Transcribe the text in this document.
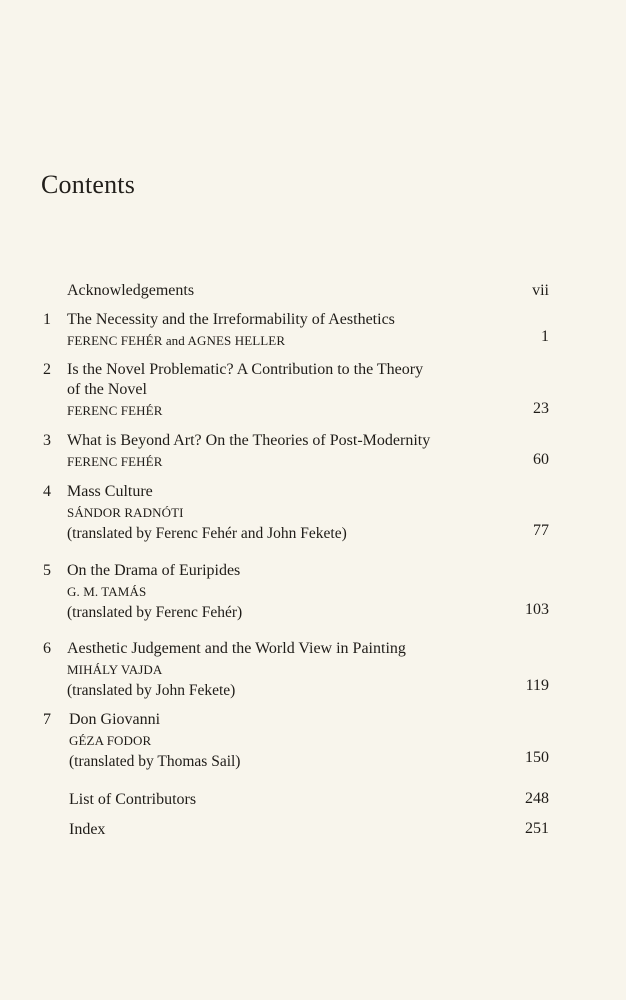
Contents
Acknowledgements	vii
1 The Necessity and the Irreformability of Aesthetics
FERENC FEHÉR and AGNES HELLER	1
2 Is the Novel Problematic? A Contribution to the Theory
of the Novel
FERENC FEHÉR	23
3 What is Beyond Art? On the Theories of Post-Modernity
FERENC FEHÉR	60
4 Mass Culture
SÁNDOR RADNÓTI
(translated by Ferenc Fehér and John Fekete)	77
5 On the Drama of Euripides
G. M. TAMÁS
(translated by Ferenc Fehér)	103
6 Aesthetic Judgement and the World View in Painting
MIHÁLY VAJDA
(translated by John Fekete)	119
7 Don Giovanni
GÉZA FODOR
(translated by Thomas Sail)	150
List of Contributors	248
Index	251
